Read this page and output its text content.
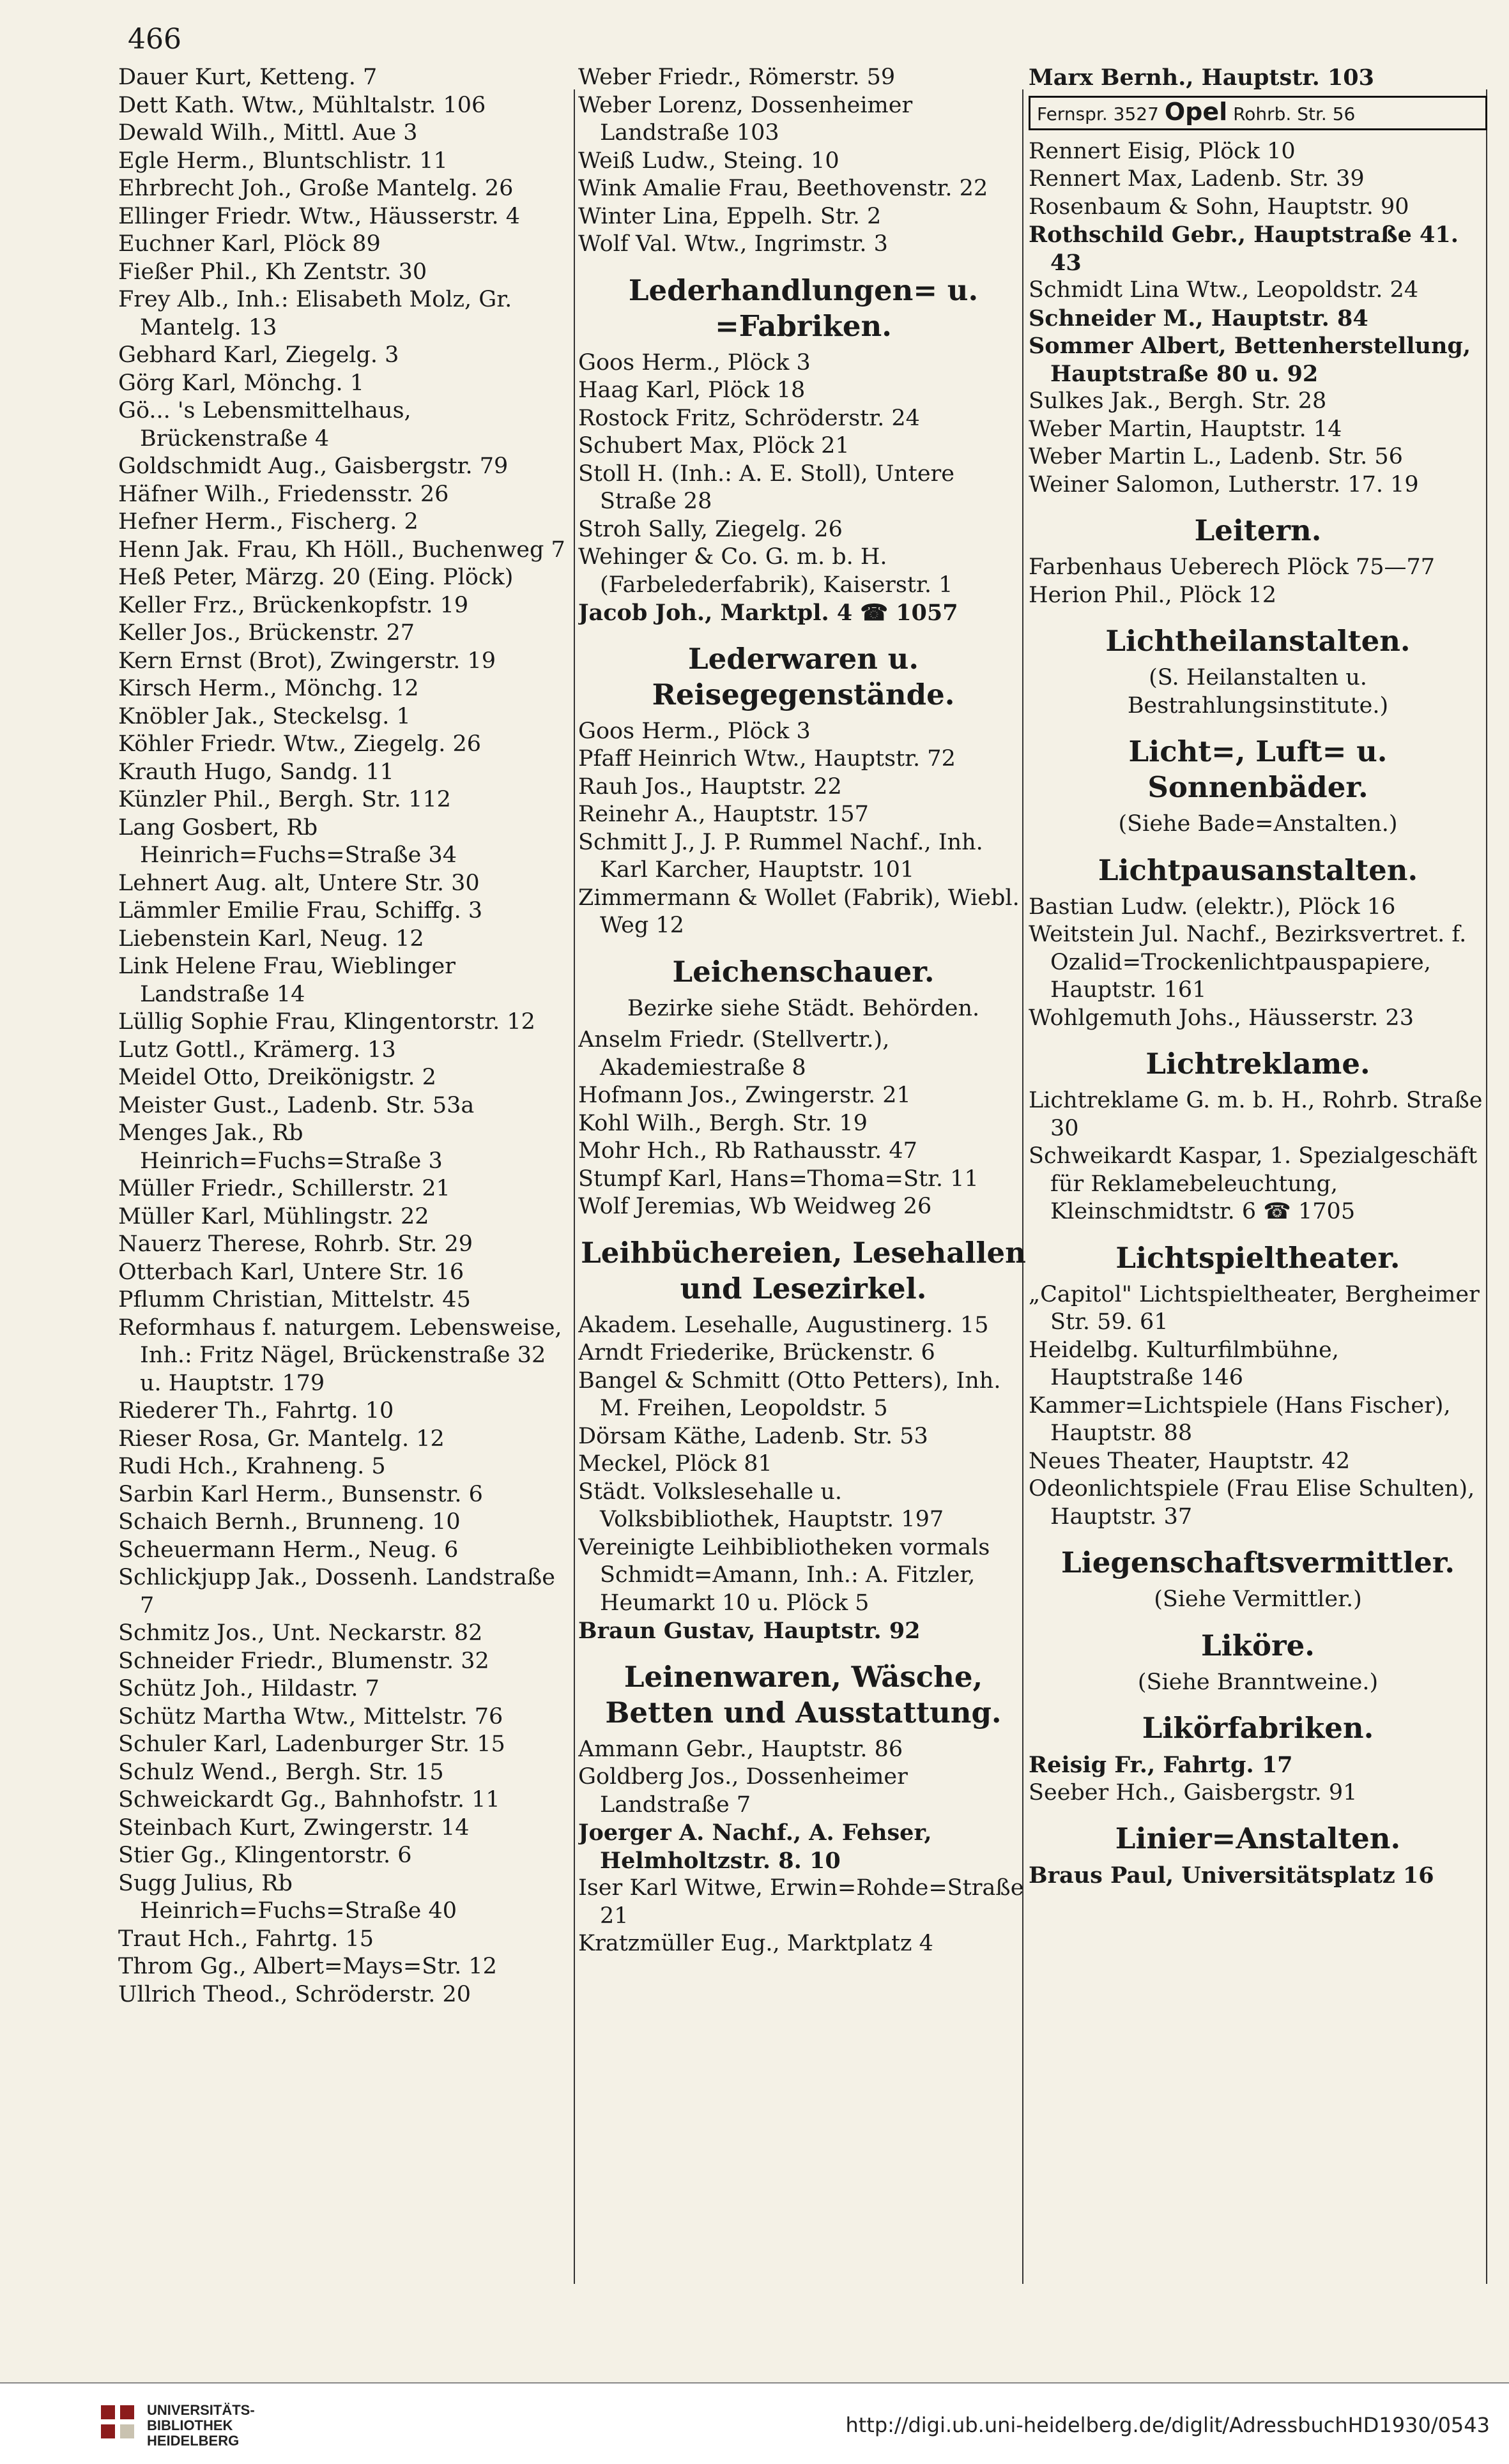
466

Dauer Kurt, Ketteng. 7

Dett Kath. Wtw., Mühltalstr. 106

Dewald Wilh., Mittl. Aue 3

Egle Herm., Bluntschlistr. 11

Ehrbrecht Joh., Große Mantelg. 26

Ellinger Friedr. Wtw., Häusserstr. 4

Euchner Karl, Plöck 89

Fießer Phil., Kh Zentstr. 30

Frey Alb., Inh.: Elisabeth Molz, Gr. Mantelg. 13

Gebhard Karl, Ziegelg. 3

Görg Karl, Mönchg. 1

Gö... 's Lebensmittelhaus, Brückenstraße 4

Goldschmidt Aug., Gaisbergstr. 79

Häfner Wilh., Friedensstr. 26

Hefner Herm., Fischerg. 2

Henn Jak. Frau, Kh Höll., Buchenweg 7

Heß Peter, Märzg. 20 (Eing. Plöck)

Keller Frz., Brückenkopfstr. 19

Keller Jos., Brückenstr. 27

Kern Ernst (Brot), Zwingerstr. 19

Kirsch Herm., Mönchg. 12

Knöbler Jak., Steckelsg. 1

Köhler Friedr. Wtw., Ziegelg. 26

Krauth Hugo, Sandg. 11

Künzler Phil., Bergh. Str. 112

Lang Gosbert, Rb Heinrich=Fuchs=Straße 34

Lehnert Aug. alt, Untere Str. 30

Lämmler Emilie Frau, Schiffg. 3

Liebenstein Karl, Neug. 12

Link Helene Frau, Wieblinger Landstraße 14

Lüllig Sophie Frau, Klingentorstr. 12

Lutz Gottl., Krämerg. 13

Meidel Otto, Dreikönigstr. 2

Meister Gust., Ladenb. Str. 53a

Menges Jak., Rb Heinrich=Fuchs=Straße 3

Müller Friedr., Schillerstr. 21

Müller Karl, Mühlingstr. 22

Nauerz Therese, Rohrb. Str. 29

Otterbach Karl, Untere Str. 16

Pflumm Christian, Mittelstr. 45

Reformhaus f. naturgem. Lebensweise, Inh.: Fritz Nägel, Brückenstraße 32 u. Hauptstr. 179

Riederer Th., Fahrtg. 10

Rieser Rosa, Gr. Mantelg. 12

Rudi Hch., Krahneng. 5

Sarbin Karl Herm., Bunsenstr. 6

Schaich Bernh., Brunneng. 10

Scheuermann Herm., Neug. 6

Schlickjupp Jak., Dossenh. Landstraße 7

Schmitz Jos., Unt. Neckarstr. 82

Schneider Friedr., Blumenstr. 32

Schütz Joh., Hildastr. 7

Schütz Martha Wtw., Mittelstr. 76

Schuler Karl, Ladenburger Str. 15

Schulz Wend., Bergh. Str. 15

Schweickardt Gg., Bahnhofstr. 11

Steinbach Kurt, Zwingerstr. 14

Stier Gg., Klingentorstr. 6

Sugg Julius, Rb Heinrich=Fuchs=Straße 40

Traut Hch., Fahrtg. 15

Throm Gg., Albert=Mays=Str. 12

Ullrich Theod., Schröderstr. 20

Weber Friedr., Römerstr. 59

Weber Lorenz, Dossenheimer Landstraße 103

Weiß Ludw., Steing. 10

Wink Amalie Frau, Beethovenstr. 22

Winter Lina, Eppelh. Str. 2

Wolf Val. Wtw., Ingrimstr. 3

Lederhandlungen= u. =Fabriken.

Goos Herm., Plöck 3

Haag Karl, Plöck 18

Rostock Fritz, Schröderstr. 24

Schubert Max, Plöck 21

Stoll H. (Inh.: A. E. Stoll), Untere Straße 28

Stroh Sally, Ziegelg. 26

Wehinger & Co. G. m. b. H. (Farbelederfabrik), Kaiserstr. 1

Jacob Joh., Marktpl. 4 ☎ 1057

Lederwaren u. Reisegegenstände.

Goos Herm., Plöck 3

Pfaff Heinrich Wtw., Hauptstr. 72

Rauh Jos., Hauptstr. 22

Reinehr A., Hauptstr. 157

Schmitt J., J. P. Rummel Nachf., Inh. Karl Karcher, Hauptstr. 101

Zimmermann & Wollet (Fabrik), Wiebl. Weg 12

Leichenschauer.

Bezirke siehe Städt. Behörden.

Anselm Friedr. (Stellvertr.), Akademiestraße 8

Hofmann Jos., Zwingerstr. 21

Kohl Wilh., Bergh. Str. 19

Mohr Hch., Rb Rathausstr. 47

Stumpf Karl, Hans=Thoma=Str. 11

Wolf Jeremias, Wb Weidweg 26

Leihbüchereien, Lesehallen und Lesezirkel.

Akadem. Lesehalle, Augustinerg. 15

Arndt Friederike, Brückenstr. 6

Bangel & Schmitt (Otto Petters), Inh. M. Freihen, Leopoldstr. 5

Dörsam Käthe, Ladenb. Str. 53

Meckel, Plöck 81

Städt. Volkslesehalle u. Volksbibliothek, Hauptstr. 197

Vereinigte Leihbibliotheken vormals Schmidt=Amann, Inh.: A. Fitzler, Heumarkt 10 u. Plöck 5

Braun Gustav, Hauptstr. 92

Leinenwaren, Wäsche, Betten und Ausstattung.

Ammann Gebr., Hauptstr. 86

Goldberg Jos., Dossenheimer Landstraße 7

Joerger A. Nachf., A. Fehser, Helmholtzstr. 8. 10

Iser Karl Witwe, Erwin=Rohde=Straße 21

Kratzmüller Eug., Marktplatz 4

Marx Bernh., Hauptstr. 103

Fernspr. 3527 Opel Rohrb. Str. 56

Rennert Eisig, Plöck 10

Rennert Max, Ladenb. Str. 39

Rosenbaum & Sohn, Hauptstr. 90

Rothschild Gebr., Hauptstraße 41. 43

Schmidt Lina Wtw., Leopoldstr. 24

Schneider M., Hauptstr. 84

Sommer Albert, Bettenherstellung, Hauptstraße 80 u. 92

Sulkes Jak., Bergh. Str. 28

Weber Martin, Hauptstr. 14

Weber Martin L., Ladenb. Str. 56

Weiner Salomon, Lutherstr. 17. 19

Leitern.

Farbenhaus Ueberech Plöck 75—77

Herion Phil., Plöck 12

Lichtheilanstalten.

(S. Heilanstalten u. Bestrahlungsinstitute.)

Licht=, Luft= u. Sonnenbäder.

(Siehe Bade=Anstalten.)

Lichtpausanstalten.

Bastian Ludw. (elektr.), Plöck 16

Weitstein Jul. Nachf., Bezirksvertret. f. Ozalid=Trockenlichtpauspapiere, Hauptstr. 161

Wohlgemuth Johs., Häusserstr. 23

Lichtreklame.

Lichtreklame G. m. b. H., Rohrb. Straße 30

Schweikardt Kaspar, 1. Spezialgeschäft für Reklamebeleuchtung, Kleinschmidtstr. 6 ☎ 1705

Lichtspieltheater.

„Capitol" Lichtspieltheater, Bergheimer Str. 59. 61

Heidelbg. Kulturfilmbühne, Hauptstraße 146

Kammer=Lichtspiele (Hans Fischer), Hauptstr. 88

Neues Theater, Hauptstr. 42

Odeonlichtspiele (Frau Elise Schulten), Hauptstr. 37

Liegenschaftsvermittler.

(Siehe Vermittler.)

Liköre.

(Siehe Branntweine.)

Likörfabriken.

Reisig Fr., Fahrtg. 17

Seeber Hch., Gaisbergstr. 91

Linier=Anstalten.

Braus Paul, Universitätsplatz 16

UNIVERSITÄTS-
BIBLIOTHEK
HEIDELBERG
http://digi.ub.uni-heidelberg.de/diglit/AdressbuchHD1930/0543
